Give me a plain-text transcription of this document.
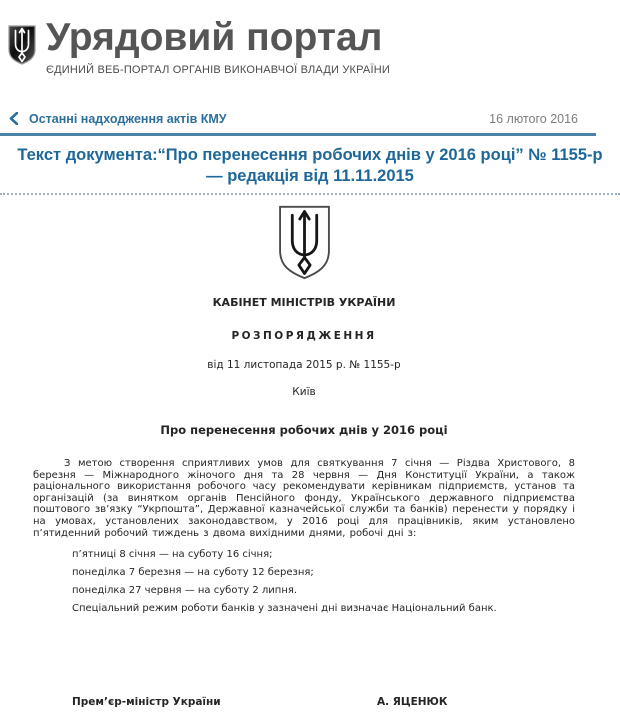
Урядовий портал
ЄДИНИЙ ВЕБ-ПОРТАЛ ОРГАНІВ ВИКОНАВЧОЇ ВЛАДИ УКРАЇНИ
Останні надходження актів КМУ	16 лютого 2016
Текст документа:“Про перенесення робочих днів у 2016 році” № 1155-р
— редакція від 11.11.2015
КАБІНЕТ МІНІСТРІВ УКРАЇНИ
РОЗПОРЯДЖЕННЯ
від 11 листопада 2015 р. № 1155-р
Київ
Про перенесення робочих днів у 2016 році

З метою створення сприятливих умов для святкування 7 січня — Різдва Христового, 8 березня — Міжнародного жіночого дня та 28 червня — Дня Конституції України, а також раціонального використання робочого часу рекомендувати керівникам підприємств, установ та організацій (за винятком органів Пенсійного фонду, Українського державного підприємства поштового зв’язку “Укрпошта”, Державної казначейської служби та банків) перенести у порядку і на умовах, установлених законодавством, у 2016 році для працівників, яким установлено п’ятиденний робочий тиждень з двома вихідними днями, робочі дні з:

п’ятниці 8 січня — на суботу 16 січня;

понеділка 7 березня — на суботу 12 березня;

понеділка 27 червня — на суботу 2 липня.

Спеціальний режим роботи банків у зазначені дні визначає Національний банк.

Прем’єр-міністр України	А. ЯЦЕНЮК
